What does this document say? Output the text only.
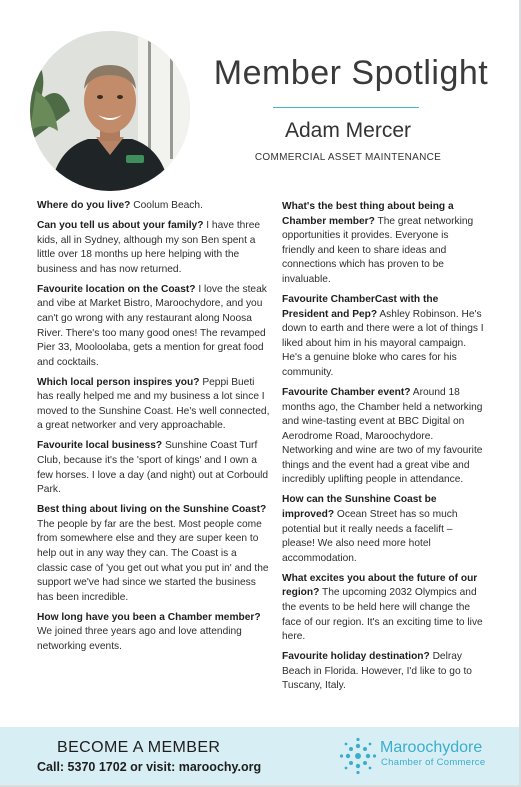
Member Spotlight
Adam Mercer
COMMERCIAL ASSET MAINTENANCE

Where do you live? Coolum Beach.

Can you tell us about your family? I have three kids, all in Sydney, although my son Ben spent a little over 18 months up here helping with the business and has now returned.

Favourite location on the Coast? I love the steak and vibe at Market Bistro, Maroochydore, and you can't go wrong with any restaurant along Noosa River. There's too many good ones! The revamped Pier 33, Mooloolaba, gets a mention for great food and cocktails.

Which local person inspires you? Peppi Bueti has really helped me and my business a lot since I moved to the Sunshine Coast. He's well connected, a great networker and very approachable.

Favourite local business? Sunshine Coast Turf Club, because it's the 'sport of kings' and I own a few horses. I love a day (and night) out at Corbould Park.

Best thing about living on the Sunshine Coast? The people by far are the best. Most people come from somewhere else and they are super keen to help out in any way they can. The Coast is a classic case of 'you get out what you put in' and the support we've had since we started the business has been incredible.

How long have you been a Chamber member? We joined three years ago and love attending networking events.

What's the best thing about being a Chamber member? The great networking opportunities it provides. Everyone is friendly and keen to share ideas and connections which has proven to be invaluable.

Favourite ChamberCast with the President and Pep? Ashley Robinson. He's down to earth and there were a lot of things I liked about him in his mayoral campaign. He's a genuine bloke who cares for his community.

Favourite Chamber event? Around 18 months ago, the Chamber held a networking and wine-tasting event at BBC Digital on Aerodrome Road, Maroochydore. Networking and wine are two of my favourite things and the event had a great vibe and incredibly uplifting people in attendance.

How can the Sunshine Coast be improved? Ocean Street has so much potential but it really needs a facelift – please! We also need more hotel accommodation.

What excites you about the future of our region? The upcoming 2032 Olympics and the events to be held here will change the face of our region. It's an exciting time to live here.

Favourite holiday destination? Delray Beach in Florida. However, I'd like to go to Tuscany, Italy.

BECOME A MEMBER
Call: 5370 1702 or visit: maroochy.org
Maroochydore
Chamber of Commerce
